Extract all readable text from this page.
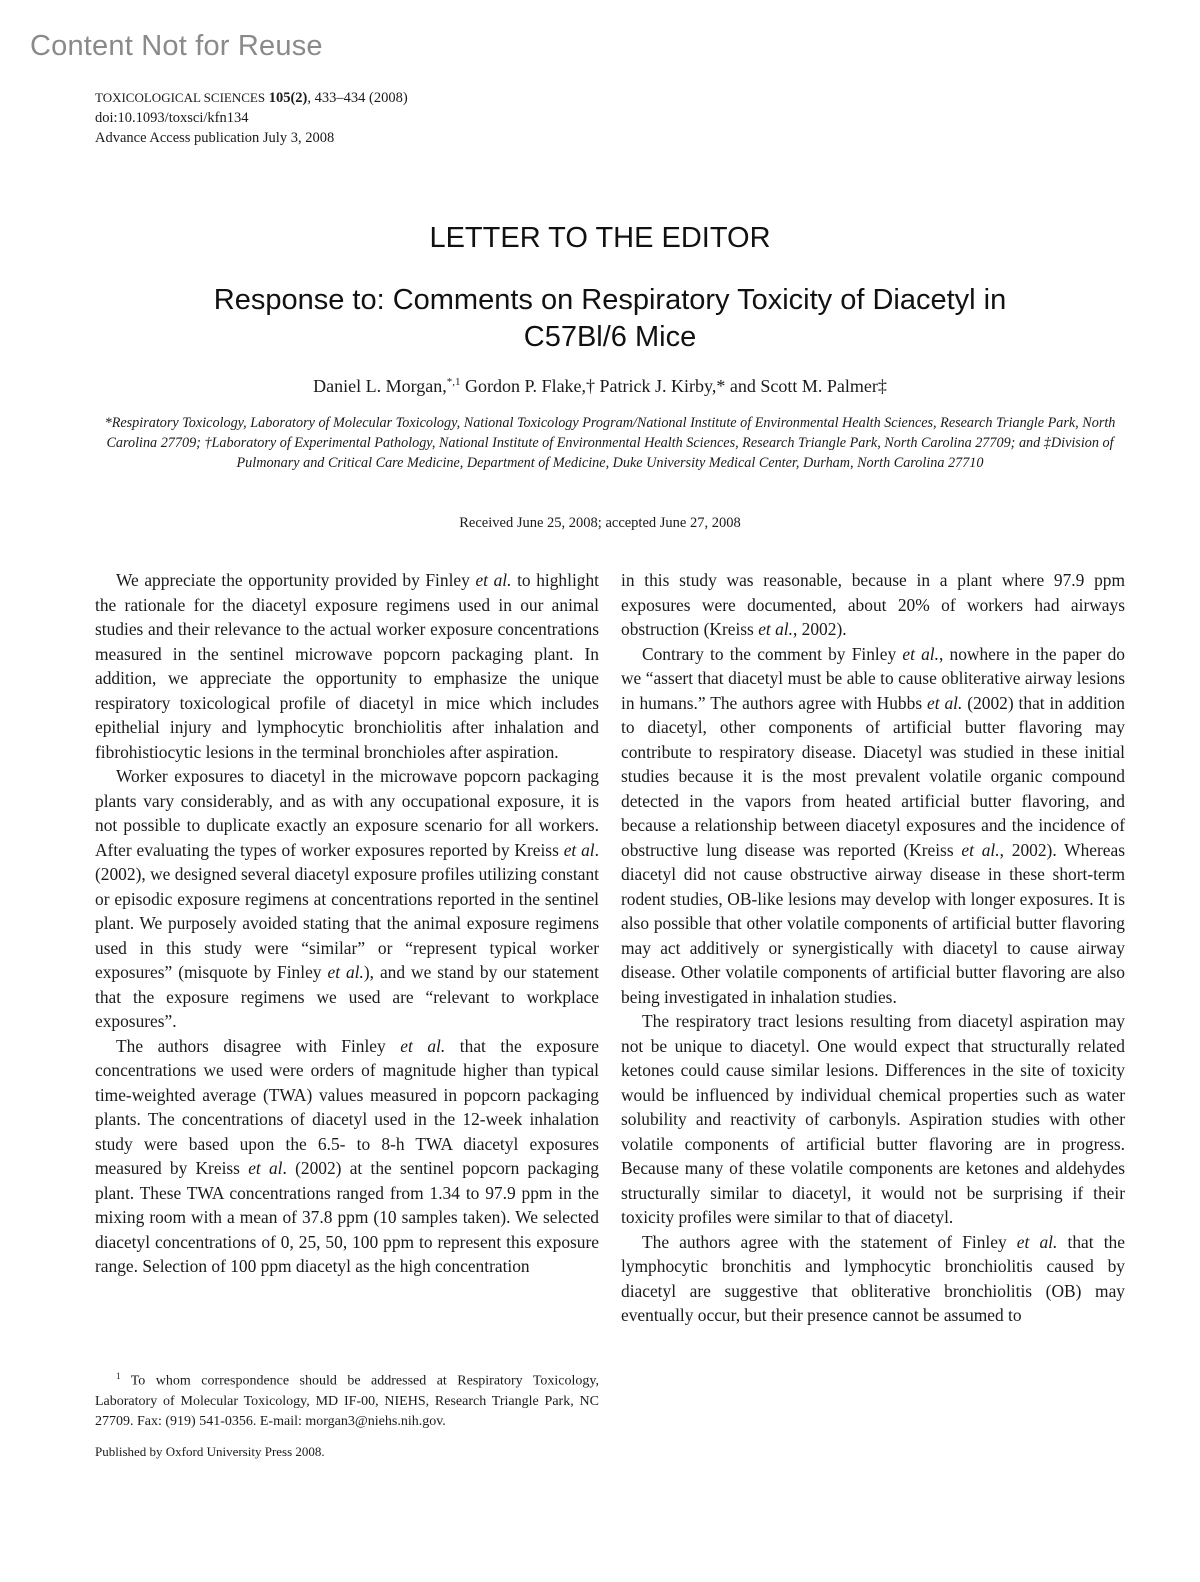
Content Not for Reuse
TOXICOLOGICAL SCIENCES 105(2), 433–434 (2008)
doi:10.1093/toxsci/kfn134
Advance Access publication July 3, 2008
LETTER TO THE EDITOR
Response to: Comments on Respiratory Toxicity of Diacetyl in
C57Bl/6 Mice
Daniel L. Morgan,$^{*,1}$ Gordon P. Flake,† Patrick J. Kirby,* and Scott M. Palmer‡
*Respiratory Toxicology, Laboratory of Molecular Toxicology, National Toxicology Program/National Institute of Environmental Health Sciences, Research Triangle Park, North Carolina 27709; †Laboratory of Experimental Pathology, National Institute of Environmental Health Sciences, Research Triangle Park, North Carolina 27709; and ‡Division of Pulmonary and Critical Care Medicine, Department of Medicine, Duke University Medical Center, Durham, North Carolina 27710
Received June 25, 2008; accepted June 27, 2008

We appreciate the opportunity provided by Finley et al. to highlight the rationale for the diacetyl exposure regimens used in our animal studies and their relevance to the actual worker exposure concentrations measured in the sentinel microwave popcorn packaging plant. In addition, we appreciate the opportunity to emphasize the unique respiratory toxicological profile of diacetyl in mice which includes epithelial injury and lymphocytic bronchiolitis after inhalation and fibrohistiocytic lesions in the terminal bronchioles after aspiration.

Worker exposures to diacetyl in the microwave popcorn packaging plants vary considerably, and as with any occupational exposure, it is not possible to duplicate exactly an exposure scenario for all workers. After evaluating the types of worker exposures reported by Kreiss et al. (2002), we designed several diacetyl exposure profiles utilizing constant or episodic exposure regimens at concentrations reported in the sentinel plant. We purposely avoided stating that the animal exposure regimens used in this study were “similar” or “represent typical worker exposures” (misquote by Finley et al.), and we stand by our statement that the exposure regimens we used are “relevant to workplace exposures”.

The authors disagree with Finley et al. that the exposure concentrations we used were orders of magnitude higher than typical time-weighted average (TWA) values measured in popcorn packaging plants. The concentrations of diacetyl used in the 12-week inhalation study were based upon the 6.5- to 8-h TWA diacetyl exposures measured by Kreiss et al. (2002) at the sentinel popcorn packaging plant. These TWA concentrations ranged from 1.34 to 97.9 ppm in the mixing room with a mean of 37.8 ppm (10 samples taken). We selected diacetyl concentrations of 0, 25, 50, 100 ppm to represent this exposure range. Selection of 100 ppm diacetyl as the high concentration

in this study was reasonable, because in a plant where 97.9 ppm exposures were documented, about 20% of workers had airways obstruction (Kreiss et al., 2002).

Contrary to the comment by Finley et al., nowhere in the paper do we “assert that diacetyl must be able to cause obliterative airway lesions in humans.” The authors agree with Hubbs et al. (2002) that in addition to diacetyl, other components of artificial butter flavoring may contribute to respiratory disease. Diacetyl was studied in these initial studies because it is the most prevalent volatile organic compound detected in the vapors from heated artificial butter flavoring, and because a relationship between diacetyl exposures and the incidence of obstructive lung disease was reported (Kreiss et al., 2002). Whereas diacetyl did not cause obstructive airway disease in these short-term rodent studies, OB-like lesions may develop with longer exposures. It is also possible that other volatile components of artificial butter flavoring may act additively or synergistically with diacetyl to cause airway disease. Other volatile components of artificial butter flavoring are also being investigated in inhalation studies.

The respiratory tract lesions resulting from diacetyl aspiration may not be unique to diacetyl. One would expect that structurally related ketones could cause similar lesions. Differences in the site of toxicity would be influenced by individual chemical properties such as water solubility and reactivity of carbonyls. Aspiration studies with other volatile components of artificial butter flavoring are in progress. Because many of these volatile components are ketones and aldehydes structurally similar to diacetyl, it would not be surprising if their toxicity profiles were similar to that of diacetyl.

The authors agree with the statement of Finley et al. that the lymphocytic bronchitis and lymphocytic bronchiolitis caused by diacetyl are suggestive that obliterative bronchiolitis (OB) may eventually occur, but their presence cannot be assumed to

$^1$ To whom correspondence should be addressed at Respiratory Toxicology, Laboratory of Molecular Toxicology, MD IF-00, NIEHS, Research Triangle Park, NC 27709. Fax: (919) 541-0356. E-mail: morgan3@niehs.nih.gov.
Published by Oxford University Press 2008.
